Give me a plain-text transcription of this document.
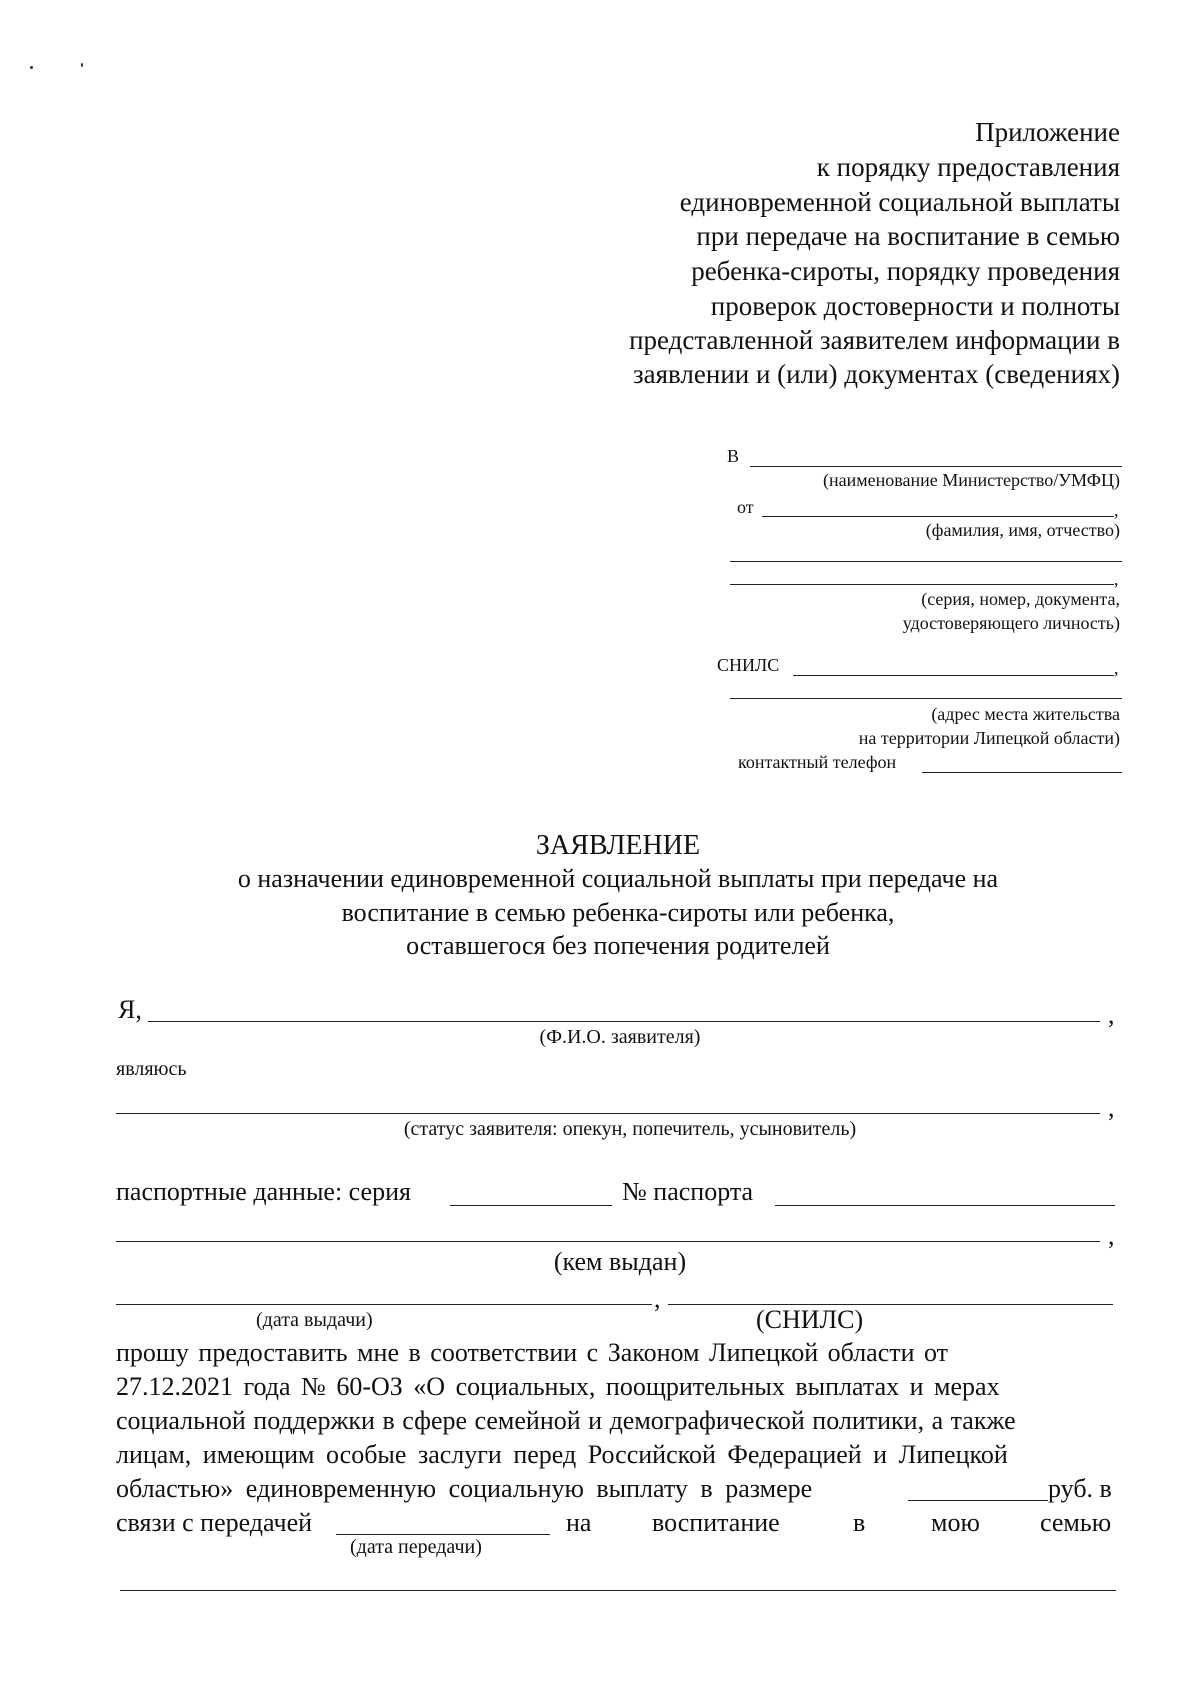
Приложение
к порядку предоставления
единовременной социальной выплаты
при передаче на воспитание в семью
ребенка-сироты, порядку проведения
проверок достоверности и полноты
представленной заявителем информации в
заявлении и (или) документах (сведениях)
В
(наименование Министерство/УМФЦ)
от	,
(фамилия, имя, отчество)
,
(серия, номер, документа,
удостоверяющего личность)
СНИЛС	,
(адрес места жительства
на территории Липецкой области)
контактный телефон
ЗАЯВЛЕНИЕ
о назначении единовременной социальной выплаты при передаче на
воспитание в семью ребенка-сироты или ребенка,
оставшегося без попечения родителей
Я,	,
(Ф.И.О. заявителя)
являюсь
,
(статус заявителя: опекун, попечитель, усыновитель)
паспортные данные: серия	№ паспорта
,
(кем выдан)
,
(дата выдачи)	(СНИЛС)
прошу предоставить мне в соответствии с Законом Липецкой области от
27.12.2021 года № 60-ОЗ «О социальных, поощрительных выплатах и мерах
социальной поддержки в сфере семейной и демографической политики, а также
лицам, имеющим особые заслуги перед Российской Федерацией и Липецкой
областью» единовременную социальную выплату в размере	руб. в
связи с передачей	на воспитание	в	мою семью
(дата передачи)
